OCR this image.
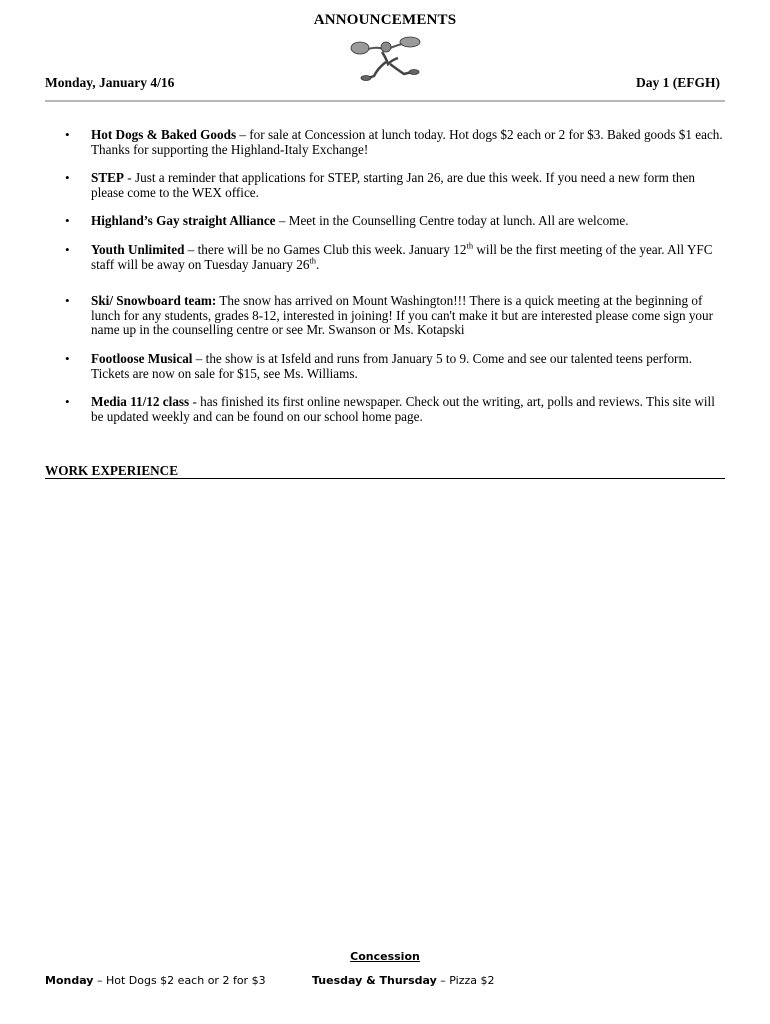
ANNOUNCEMENTS
Monday, January 4/16	Day 1 (EFGH)
• Hot Dogs & Baked Goods – for sale at Concession at lunch today. Hot dogs $2 each or 2 for $3. Baked goods $1 each. Thanks for supporting the Highland-Italy Exchange!
• STEP - Just a reminder that applications for STEP, starting Jan 26, are due this week. If you need a new form then please come to the WEX office.
• Highland’s Gay straight Alliance – Meet in the Counselling Centre today at lunch. All are welcome.
• Youth Unlimited – there will be no Games Club this week. January 12th will be the first meeting of the year. All YFC staff will be away on Tuesday January 26th.
• Ski/ Snowboard team: The snow has arrived on Mount Washington!!! There is a quick meeting at the beginning of lunch for any students, grades 8-12, interested in joining! If you can't make it but are interested please come sign your name up in the counselling centre or see Mr. Swanson or Ms. Kotapski
• Footloose Musical – the show is at Isfeld and runs from January 5 to 9. Come and see our talented teens perform. Tickets are now on sale for $15, see Ms. Williams.
• Media 11/12 class - has finished its first online newspaper. Check out the writing, art, polls and reviews. This site will be updated weekly and can be found on our school home page.
WORK EXPERIENCE
Concession
Monday – Hot Dogs $2 each or 2 for $3	Tuesday & Thursday – Pizza $2
